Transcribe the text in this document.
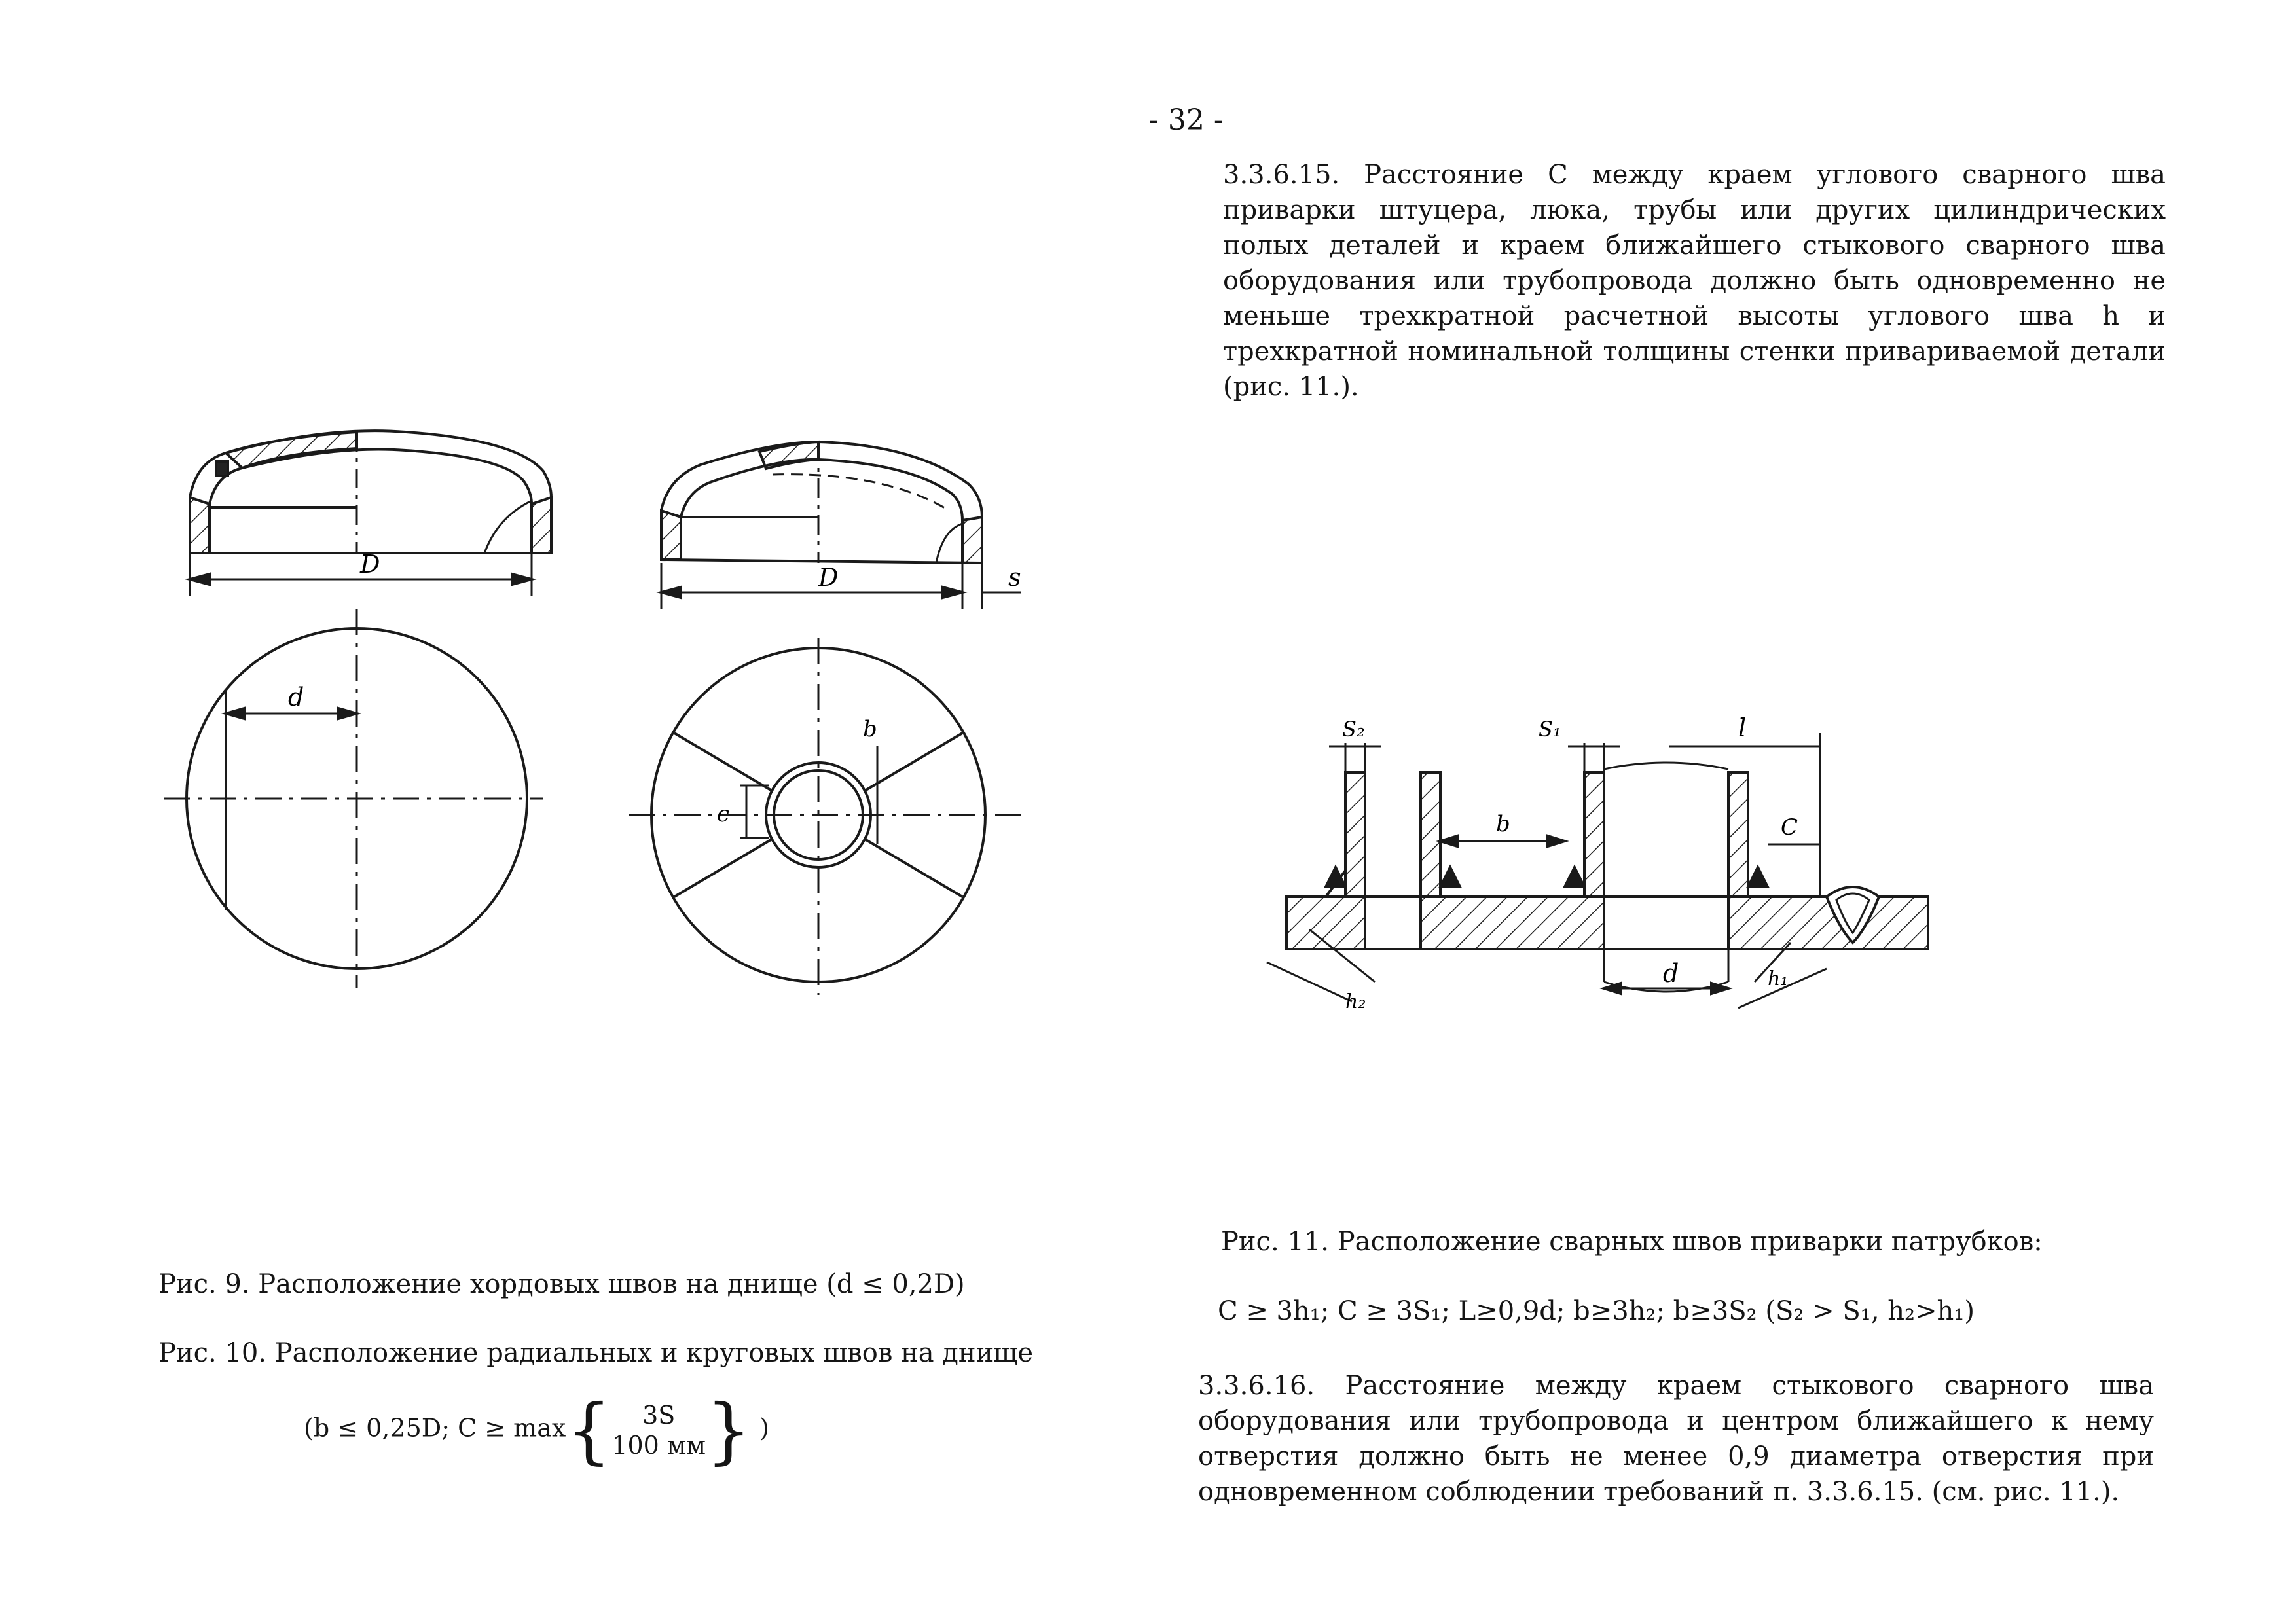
- 32 -
3.3.6.15. Расстояние С между краем углового сварного шва приварки штуцера, люка, трубы или других цилиндрических полых деталей и краем ближайшего стыкового сварного шва оборудования или трубопровода должно быть одновременно не меньше трехкратной расчетной высоты углового шва h и трехкратной номинальной толщины стенки привариваемой детали (рис. 11.).
D
d
D	s
c
b	S₂	S₁	l
b	C
d
h₂
h₁
Рис. 9. Расположение хордовых швов на днище (d ≤ 0,2D)
Рис. 10. Расположение радиальных и круговых швов на днище
(b ≤ 0,25D; C ≥ max{ 3S
100 мм} )
Рис. 11. Расположение сварных швов приварки патрубков:
C ≥ 3h₁; C ≥ 3S₁; L≥0,9d; b≥3h₂; b≥3S₂ (S₂ > S₁, h₂>h₁)
3.3.6.16. Расстояние между краем стыкового сварного шва оборудования или трубопровода и центром ближайшего к нему отверстия должно быть не менее 0,9 диаметра отверстия при одновременном соблюдении требований п. 3.3.6.15. (см. рис. 11.).
